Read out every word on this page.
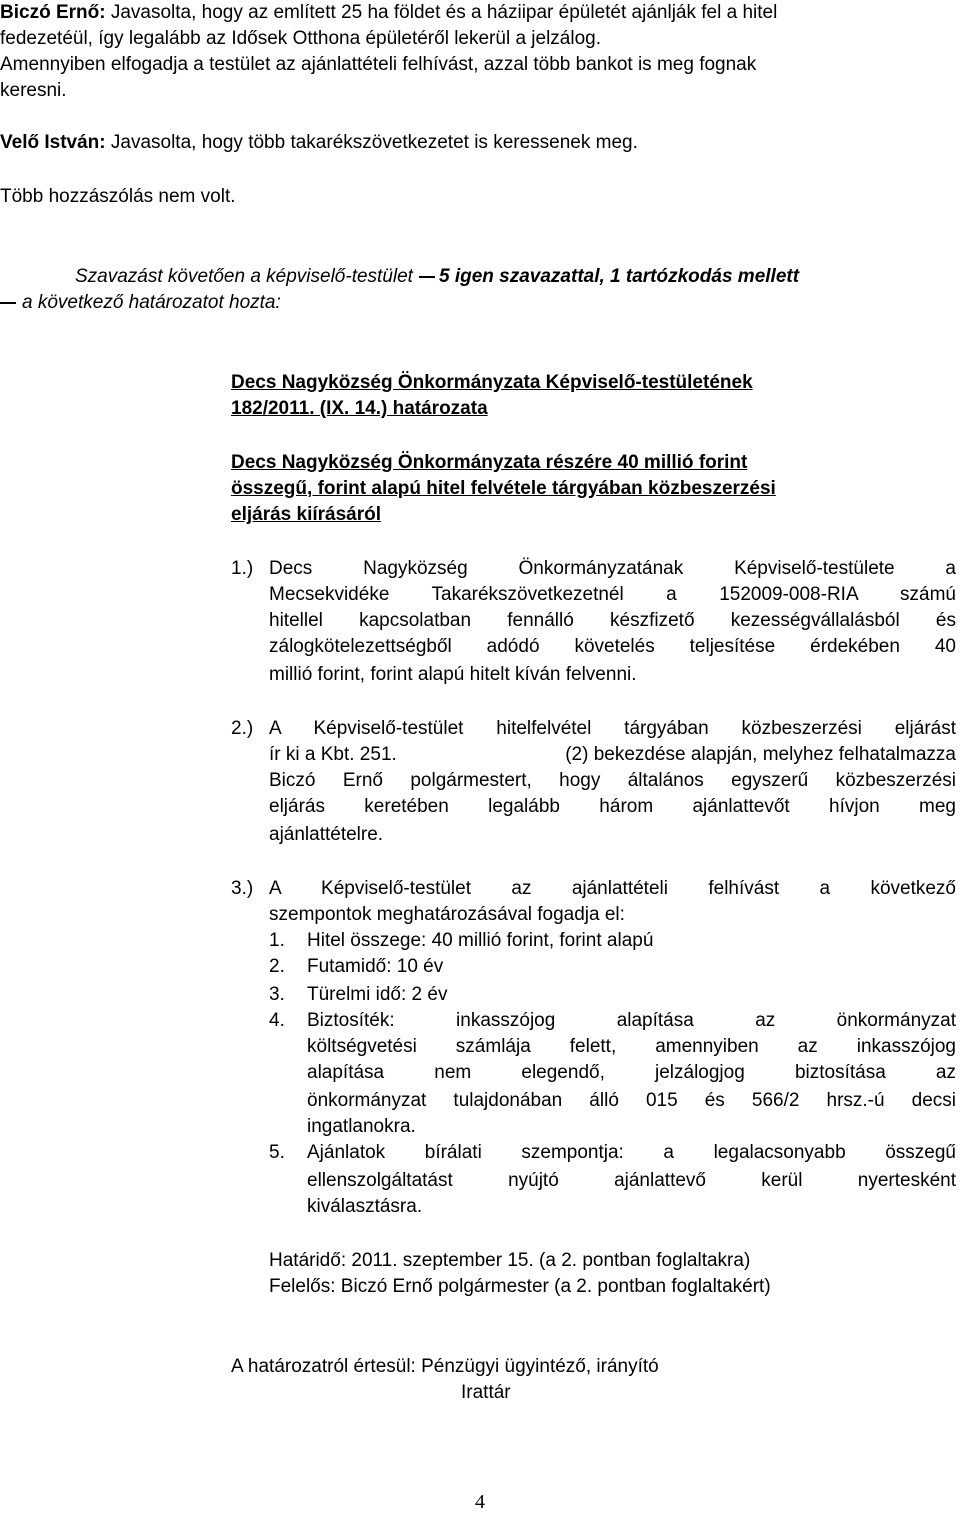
Biczó Ernő: Javasolta, hogy az említett 25 ha földet és a háziipar épületét ajánlják fel a hitel
fedezetéül, így legalább az Idősek Otthona épületéről lekerül a jelzálog.
Amennyiben elfogadja a testület az ajánlattételi felhívást, azzal több bankot is meg fognak
keresni.
Velő István: Javasolta, hogy több takarékszövetkezetet is keressenek meg.
Több hozzászólás nem volt.
Szavazást követően a képviselő-testület 5 igen szavazattal, 1 tartózkodás mellett
a következő határozatot hozta:
Decs Nagyközség Önkormányzata Képviselő-testületének
182/2011. (IX. 14.) határozata
Decs Nagyközség Önkormányzata részére 40 millió forint
összegű, forint alapú hitel felvétele tárgyában közbeszerzési
eljárás kiírásáról
1.) Decs Nagyközség Önkormányzatának Képviselő-testülete a
Mecsekvidéke Takarékszövetkezetnél a 152009-008-RIA számú
hitellel kapcsolatban fennálló készfizető kezességvállalásból és
zálogkötelezettségből adódó követelés teljesítése érdekében 40
millió forint, forint alapú hitelt kíván felvenni.
2.) A Képviselő-testület hitelfelvétel tárgyában közbeszerzési eljárást
ír ki a Kbt. 251.	(2) bekezdése alapján, melyhez felhatalmazza
Biczó Ernő polgármestert, hogy általános egyszerű közbeszerzési
eljárás keretében legalább három ajánlattevőt hívjon meg
ajánlattételre.
3.) A Képviselő-testület az ajánlattételi felhívást a következő
szempontok meghatározásával fogadja el:
1. Hitel összege: 40 millió forint, forint alapú
2. Futamidő: 10 év
3. Türelmi idő: 2 év
4. Biztosíték: inkasszójog alapítása az önkormányzat
költségvetési számlája felett, amennyiben az inkasszójog
alapítása nem elegendő, jelzálogjog biztosítása az
önkormányzat tulajdonában álló 015 és 566/2 hrsz.-ú decsi
ingatlanokra.
5. Ajánlatok bírálati szempontja: a legalacsonyabb összegű
ellenszolgáltatást nyújtó ajánlattevő kerül nyertesként
kiválasztásra.
Határidő: 2011. szeptember 15. (a 2. pontban foglaltakra)
Felelős: Biczó Ernő polgármester (a 2. pontban foglaltakért)
A határozatról értesül: Pénzügyi ügyintéző, irányító
Irattár
4
